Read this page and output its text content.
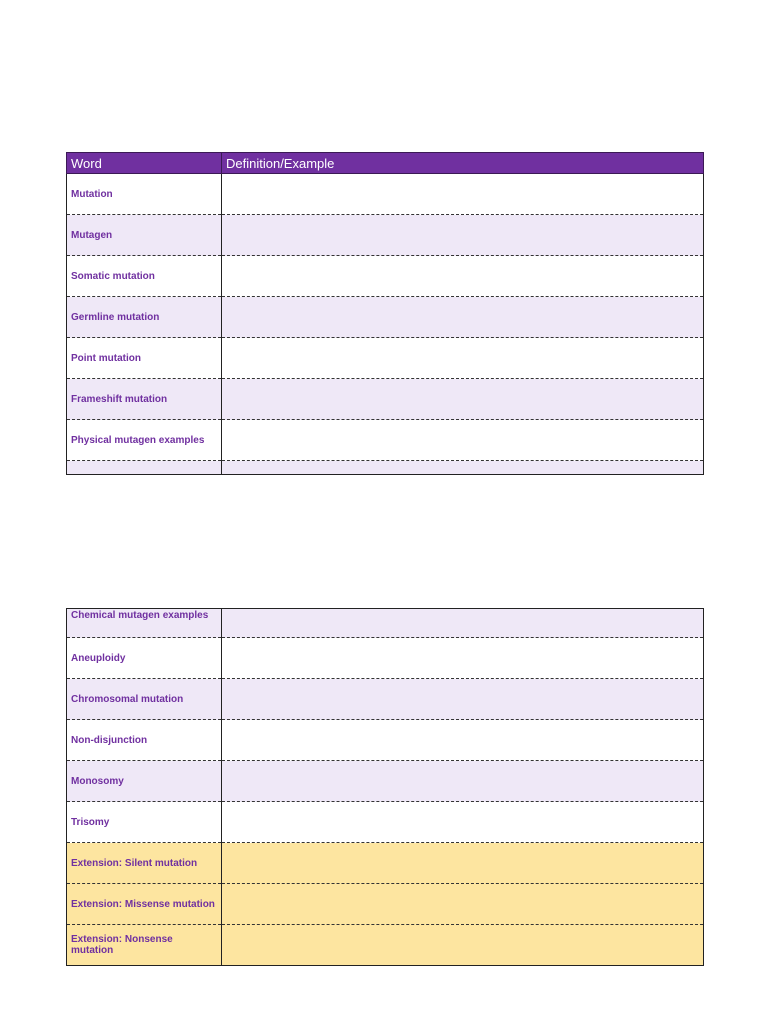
Word	Definition/Example
Mutation	
Mutagen	
Somatic mutation	
Germline mutation	
Point mutation	
Frameshift mutation	
Physical mutagen examples	

Chemical mutagen examples	
Aneuploidy	
Chromosomal mutation	
Non-disjunction	
Monosomy	
Trisomy	
Extension: Silent mutation	
Extension: Missense mutation	
Extension: Nonsense mutation	
